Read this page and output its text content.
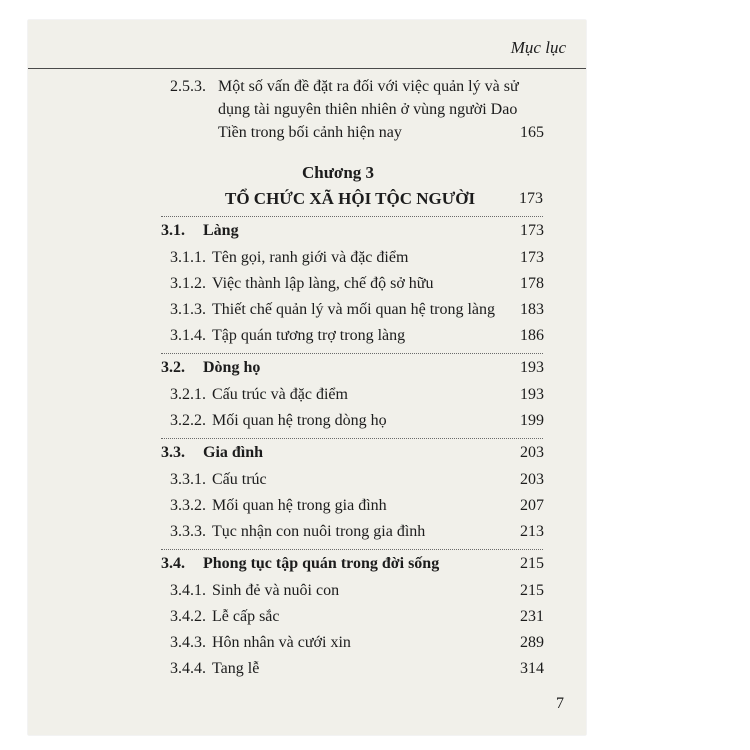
Mục lục
2.5.3. Một số vấn đề đặt ra đối với việc quản lý và sử
dụng tài nguyên thiên nhiên ở vùng người Dao
Tiền trong bối cảnh hiện nay	165
Chương 3
TỔ CHỨC XÃ HỘI TỘC NGƯỜI	173
3.1. Làng	173
3.1.1. Tên gọi, ranh giới và đặc điểm	173
3.1.2. Việc thành lập làng, chế độ sở hữu	178
3.1.3. Thiết chế quản lý và mối quan hệ trong làng 183
3.1.4. Tập quán tương trợ trong làng	186
3.2. Dòng họ	193
3.2.1. Cấu trúc và đặc điểm	193
3.2.2. Mối quan hệ trong dòng họ	199
3.3. Gia đình	203
3.3.1. Cấu trúc	203
3.3.2. Mối quan hệ trong gia đình	207
3.3.3. Tục nhận con nuôi trong gia đình	213
3.4. Phong tục tập quán trong đời sống	215
3.4.1. Sinh đẻ và nuôi con	215
3.4.2. Lễ cấp sắc	231
3.4.3. Hôn nhân và cưới xin	289
3.4.4. Tang lễ	314
7
